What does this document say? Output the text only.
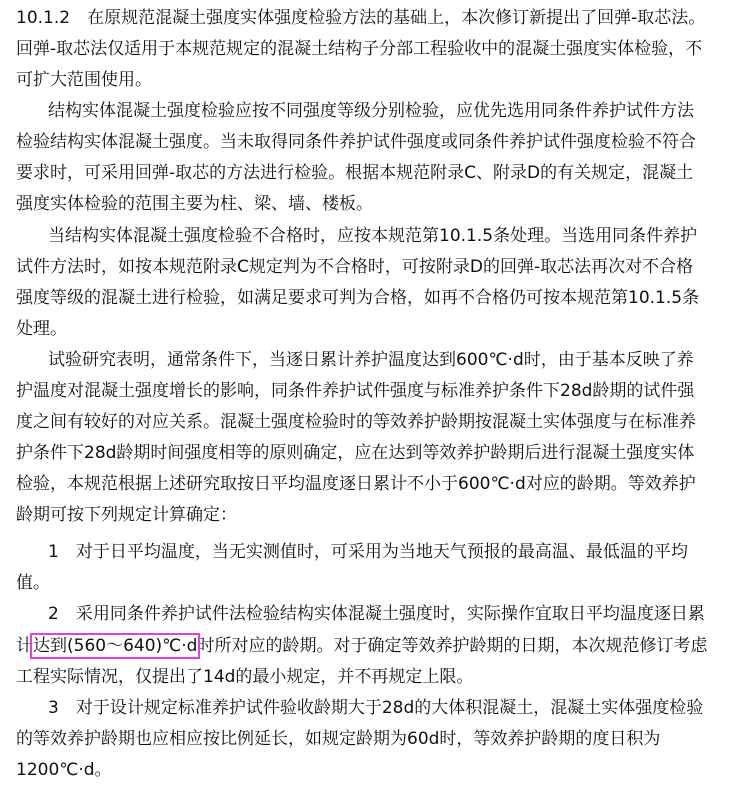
10.1.2　在原规范混凝土强度实体强度检验方法的基础上，本次修订新提出了回弹-取芯法。
回弹-取芯法仅适用于本规范规定的混凝土结构子分部工程验收中的混凝土强度实体检验，不
可扩大范围使用。
结构实体混凝土强度检验应按不同强度等级分别检验，应优先选用同条件养护试件方法
检验结构实体混凝土强度。当未取得同条件养护试件强度或同条件养护试件强度检验不符合
要求时，可采用回弹-取芯的方法进行检验。根据本规范附录C、附录D的有关规定，混凝土
强度实体检验的范围主要为柱、梁、墙、楼板。
当结构实体混凝土强度检验不合格时，应按本规范第10.1.5条处理。当选用同条件养护
试件方法时，如按本规范附录C规定判为不合格时，可按附录D的回弹-取芯法再次对不合格
强度等级的混凝土进行检验，如满足要求可判为合格，如再不合格仍可按本规范第10.1.5条
处理。
试验研究表明，通常条件下，当逐日累计养护温度达到600℃·d时，由于基本反映了养
护温度对混凝土强度增长的影响，同条件养护试件强度与标准养护条件下28d龄期的试件强
度之间有较好的对应关系。混凝土强度检验时的等效养护龄期按混凝土实体强度与在标准养
护条件下28d龄期时间强度相等的原则确定，应在达到等效养护龄期后进行混凝土强度实体
检验，本规范根据上述研究取按日平均温度逐日累计不小于600℃·d对应的龄期。等效养护
龄期可按下列规定计算确定：
1　对于日平均温度，当无实测值时，可采用为当地天气预报的最高温、最低温的平均
值。
2　采用同条件养护试件法检验结构实体混凝土强度时，实际操作宜取日平均温度逐日累
计达到(560～640)℃·d时所对应的龄期。对于确定等效养护龄期的日期，本次规范修订考虑
工程实际情况，仅提出了14d的最小规定，并不再规定上限。
3　对于设计规定标准养护试件验收龄期大于28d的大体积混凝土，混凝土实体强度检验
的等效养护龄期也应相应按比例延长，如规定龄期为60d时，等效养护龄期的度日积为
1200℃·d。
